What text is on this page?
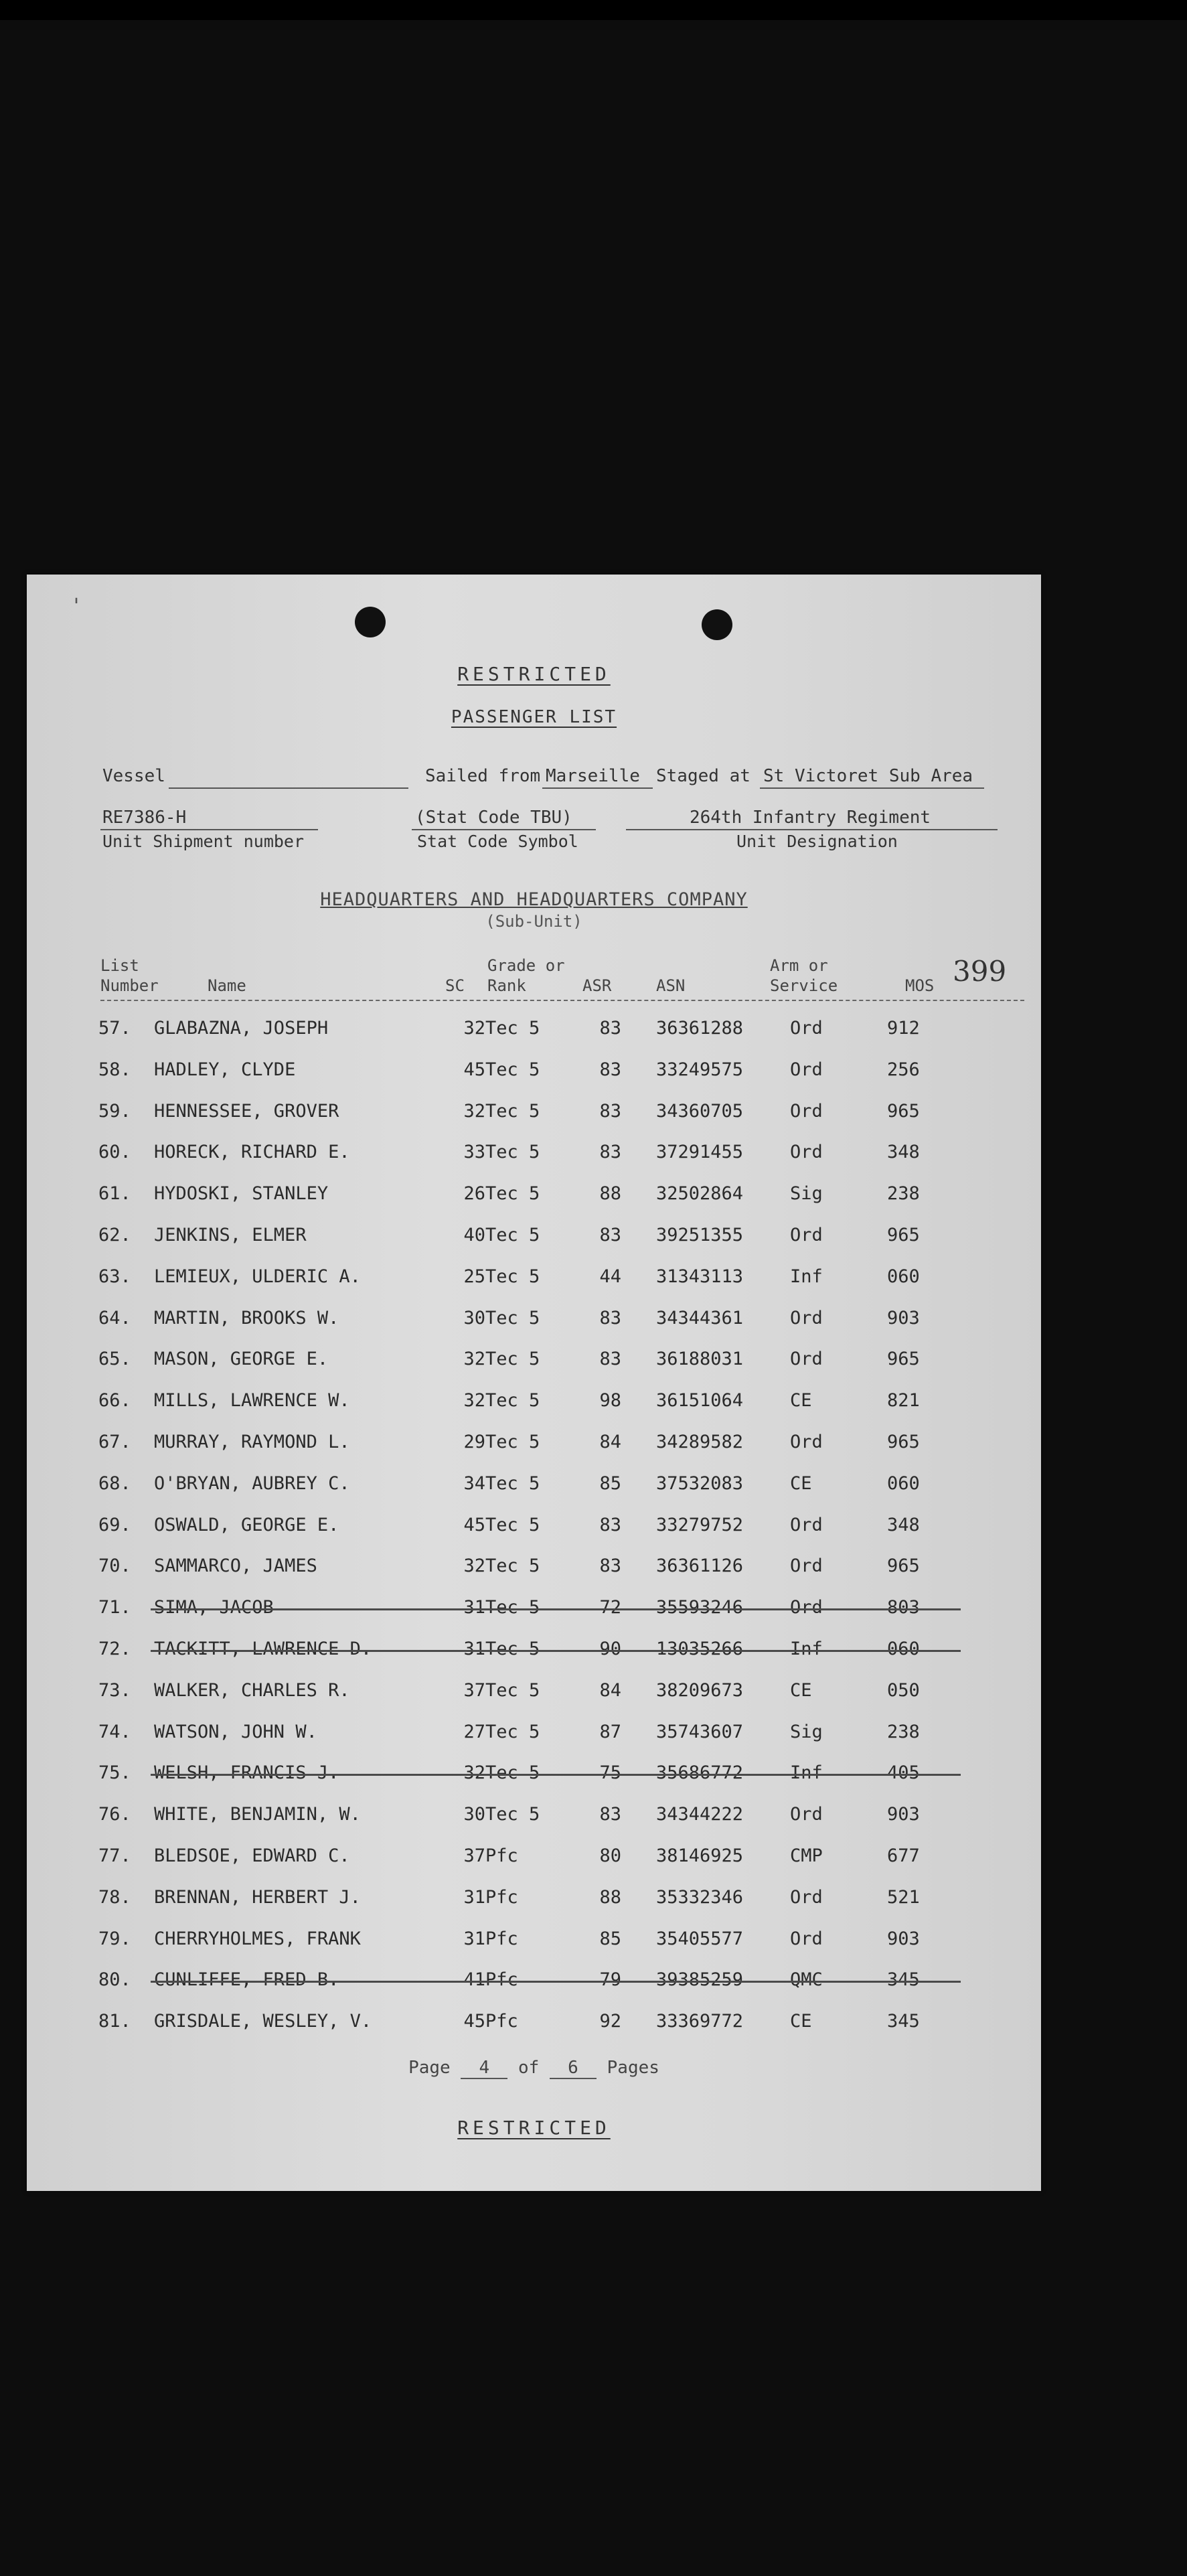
'
RESTRICTED
PASSENGER LIST
Vessel	Sailed from Marseille Staged at St Victoret Sub Area
RE7386-H
Unit Shipment number
(Stat Code TBU)
Stat Code Symbol
264th Infantry Regiment
Unit Designation
HEADQUARTERS AND HEADQUARTERS COMPANY
(Sub-Unit)
399
List
Number	Name	SC
Grade or
Rank	ASR	ASN
Arm or
Service	MOS
57. GLABAZNA, JOSEPH	32 Tec 5	83 36361288	Ord	912
58. HADLEY, CLYDE	45 Tec 5	83 33249575	Ord	256
59. HENNESSEE, GROVER	32 Tec 5	83 34360705	Ord	965
60. HORECK, RICHARD E.	33 Tec 5	83 37291455	Ord	348
61. HYDOSKI, STANLEY	26 Tec 5	88 32502864	Sig	238
62. JENKINS, ELMER	40 Tec 5	83 39251355	Ord	965
63. LEMIEUX, ULDERIC A.	25 Tec 5	44 31343113	Inf	060
64. MARTIN, BROOKS W.	30 Tec 5	83 34344361	Ord	903
65. MASON, GEORGE E.	32 Tec 5	83 36188031	Ord	965
66. MILLS, LAWRENCE W.	32 Tec 5	98 36151064	CE	821
67. MURRAY, RAYMOND L.	29 Tec 5	84 34289582	Ord	965
68. O'BRYAN, AUBREY C.	34 Tec 5	85 37532083	CE	060
69. OSWALD, GEORGE E.	45 Tec 5	83 33279752	Ord	348
70. SAMMARCO, JAMES	32 Tec 5	83 36361126	Ord	965
71. SIMA, JACOB	31 Tec 5	72 35593246	Ord	803
72. TACKITT, LAWRENCE D.	31 Tec 5	90 13035266	Inf	060
73. WALKER, CHARLES R.	37 Tec 5	84 38209673	CE	050
74. WATSON, JOHN W.	27 Tec 5	87 35743607	Sig	238
75. WELSH, FRANCIS J.	32 Tec 5	75 35686772	Inf	405
76. WHITE, BENJAMIN, W.	30 Tec 5	83 34344222	Ord	903
77. BLEDSOE, EDWARD C.	37 Pfc	80 38146925	CMP	677
78. BRENNAN, HERBERT J.	31 Pfc	88 35332346	Ord	521
79. CHERRYHOLMES, FRANK	31 Pfc	85 35405577	Ord	903
80. CUNLIFFE, FRED B.	41 Pfc	79 39385259	QMC	345
81. GRISDALE, WESLEY, V.	45 Pfc	92 33369772	CE	345
Page 4 of 6 Pages
RESTRICTED
